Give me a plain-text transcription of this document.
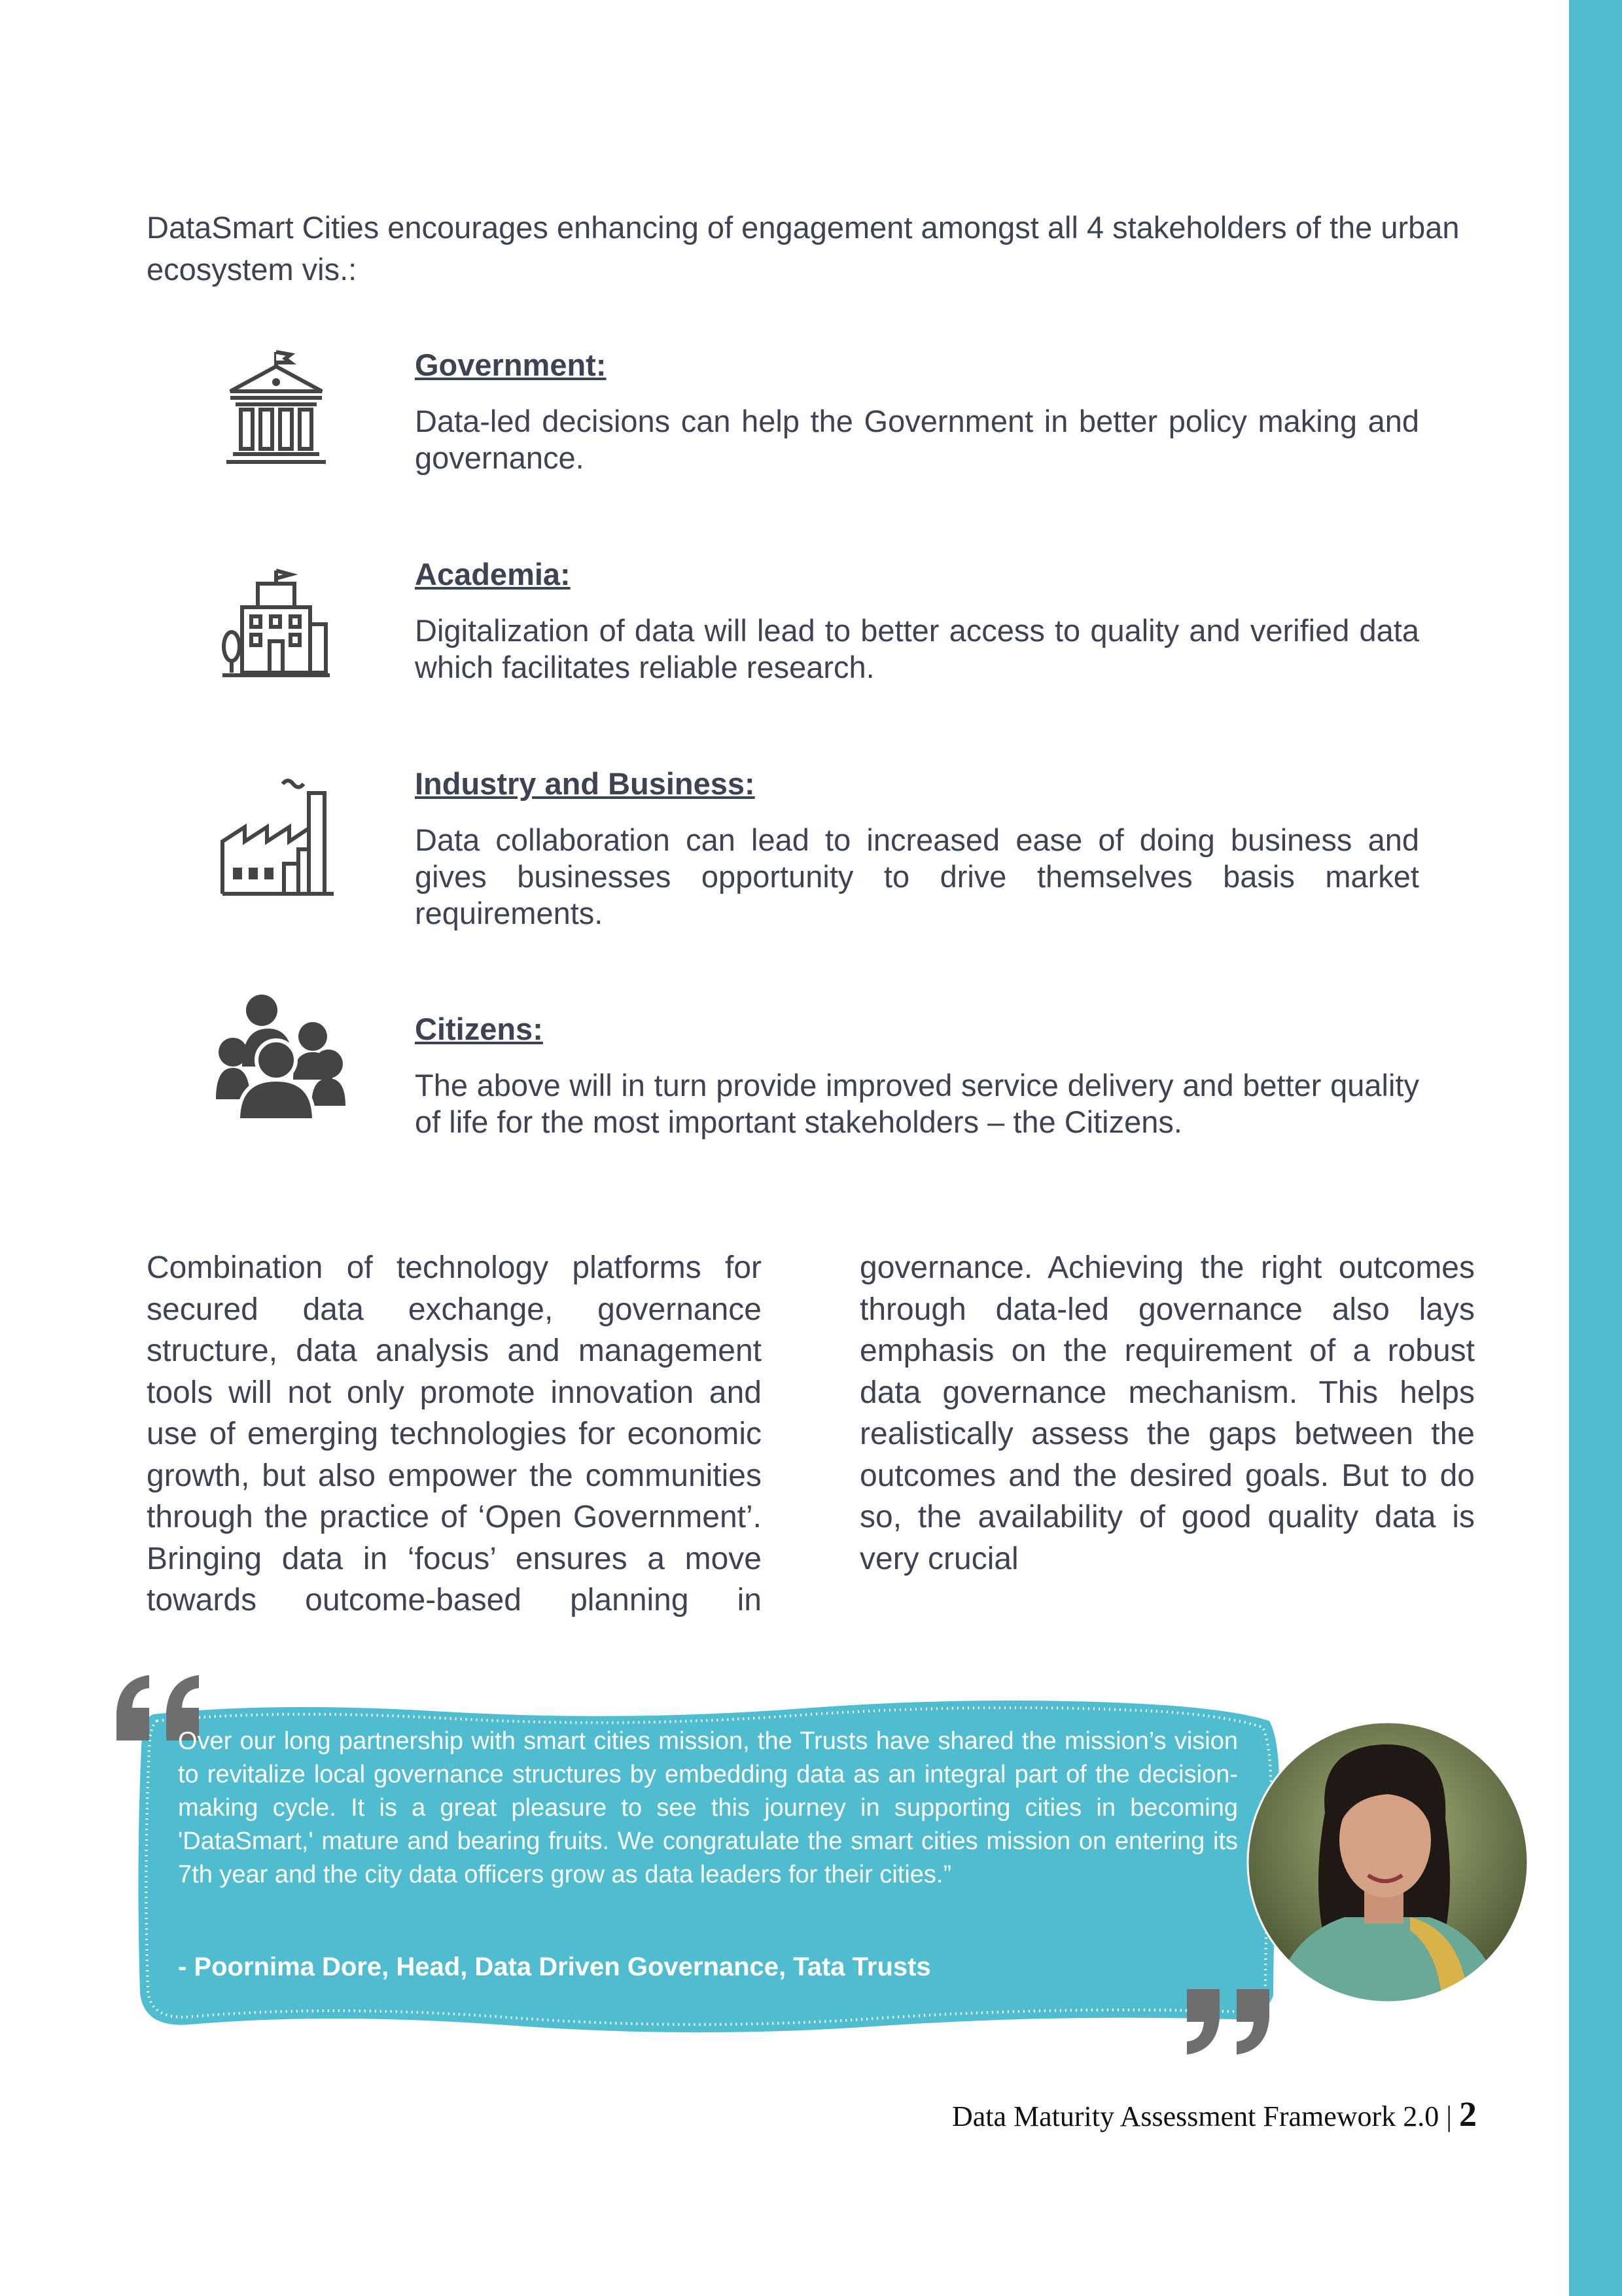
DataSmart Cities encourages enhancing of engagement amongst all 4 stakeholders of the urban ecosystem vis.:

Government:

Data-led decisions can help the Government in better policy making and governance.

Academia:

Digitalization of data will lead to better access to quality and verified data which facilitates reliable research.

Industry and Business:

Data collaboration can lead to increased ease of doing business and gives businesses opportunity to drive themselves basis market requirements.

Citizens:

The above will in turn provide improved service delivery and better quality of life for the most important stakeholders – the Citizens.

Combination of technology platforms for secured data exchange, governance structure, data analysis and management tools will not only promote innovation and use of emerging technologies for economic growth, but also empower the communities through the practice of ‘Open Government’. Bringing data in ‘focus’ ensures a move towards outcome-based planning in

governance. Achieving the right outcomes through data-led governance also lays emphasis on the requirement of a robust data governance mechanism. This helps realistically assess the gaps between the outcomes and the desired goals. But to do so, the availability of good quality data is very crucial

Over our long partnership with smart cities mission, the Trusts have shared the mission’s vision to revitalize local governance structures by embedding data as an integral part of the decision-making cycle. It is a great pleasure to see this journey in supporting cities in becoming 'DataSmart,' mature and bearing fruits. We congratulate the smart cities mission on entering its 7th year and the city data officers grow as data leaders for their cities.”

- Poornima Dore, Head, Data Driven Governance, Tata Trusts

Data Maturity Assessment Framework 2.0 | 2
